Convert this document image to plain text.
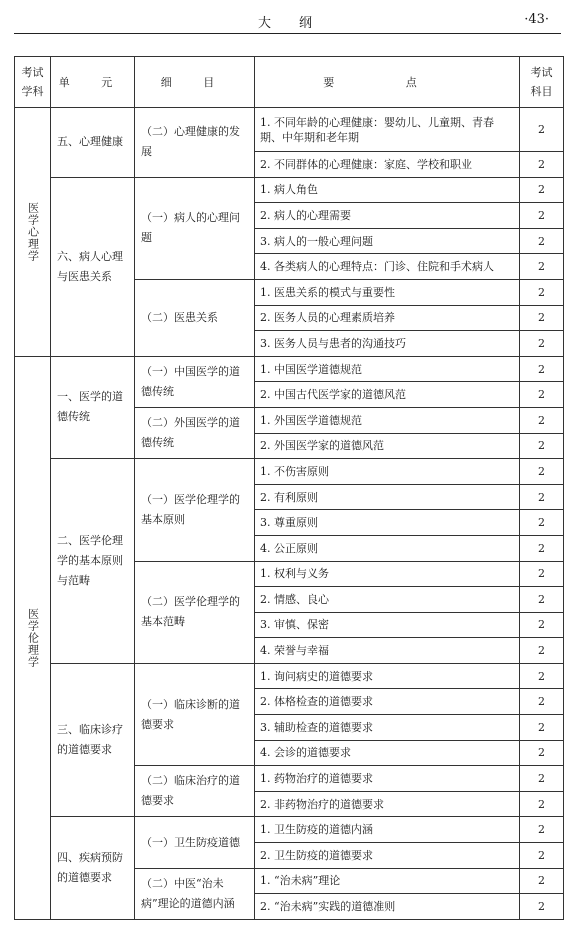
大纲	·43·
考试
学科	单 元	细 目	要 点	考试
科目

医学心理学	五、心理健康	（二）心理健康的发展	1. 不同年龄的心理健康：婴幼儿、儿童期、青春期、中年期和老年期	2
			2. 不同群体的心理健康：家庭、学校和职业	2
	六、病人心理与医患关系	（一）病人的心理问题	1. 病人角色	2
			2. 病人的心理需要	2
			3. 病人的一般心理问题	2
			4. 各类病人的心理特点：门诊、住院和手术病人	2
		（二）医患关系	1. 医患关系的模式与重要性	2
			2. 医务人员的心理素质培养	2
			3. 医务人员与患者的沟通技巧	2

医学伦理学	一、医学的道德传统	（一）中国医学的道德传统	1. 中国医学道德规范	2
			2. 中国古代医学家的道德风范	2
		（二）外国医学的道德传统	1. 外国医学道德规范	2
			2. 外国医学家的道德风范	2
	二、医学伦理学的基本原则与范畴	（一）医学伦理学的基本原则	1. 不伤害原则	2
			2. 有利原则	2
			3. 尊重原则	2
			4. 公正原则	2
		（二）医学伦理学的基本范畴	1. 权利与义务	2
			2. 情感、良心	2
			3. 审慎、保密	2
			4. 荣誉与幸福	2
	三、临床诊疗的道德要求	（一）临床诊断的道德要求	1. 询问病史的道德要求	2
			2. 体格检查的道德要求	2
			3. 辅助检查的道德要求	2
			4. 会诊的道德要求	2
		（二）临床治疗的道德要求	1. 药物治疗的道德要求	2
			2. 非药物治疗的道德要求	2
	四、疾病预防的道德要求	（一）卫生防疫道德	1. 卫生防疫的道德内涵	2
			2. 卫生防疫的道德要求	2
		（二）中医“治未病”理论的道德内涵	1. “治未病”理论	2
			2. “治未病”实践的道德准则	2
